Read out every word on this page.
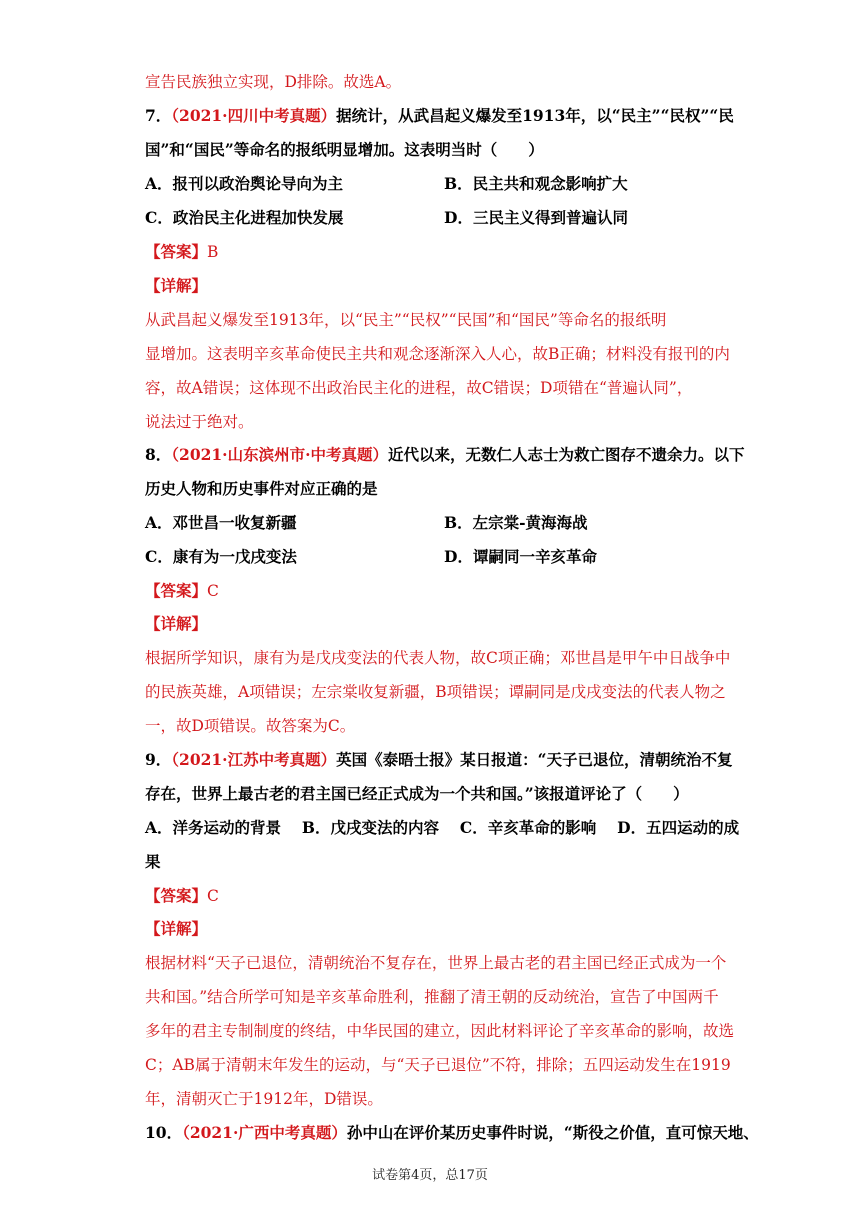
宣告民族独立实现，D排除。故选A。
7．（2021·四川中考真题）据统计，从武昌起义爆发至1913年，以“民主”“民权”“民
国”和“国民”等命名的报纸明显增加。这表明当时（　　）
A．报刊以政治舆论导向为主	B．民主共和观念影响扩大
C．政治民主化进程加快发展	D．三民主义得到普遍认同
【答案】B
【详解】
从武昌起义爆发至1913年，以“民主”“民权”“民国”和“国民”等命名的报纸明
显增加。这表明辛亥革命使民主共和观念逐渐深入人心，故B正确；材料没有报刊的内
容，故A错误；这体现不出政治民主化的进程，故C错误；D项错在“普遍认同”，
说法过于绝对。
8．（2021·山东滨州市·中考真题）近代以来，无数仁人志士为救亡图存不遗余力。以下
历史人物和历史事件对应正确的是
A．邓世昌一收复新疆	B．左宗棠-黄海海战
C．康有为一戊戌变法	D．谭嗣同一辛亥革命
【答案】C
【详解】
根据所学知识，康有为是戊戌变法的代表人物，故C项正确；邓世昌是甲午中日战争中
的民族英雄，A项错误；左宗棠收复新疆，B项错误；谭嗣同是戊戌变法的代表人物之
一，故D项错误。故答案为C。
9．（2021·江苏中考真题）英国《泰晤士报》某日报道：“天子已退位，清朝统治不复
存在，世界上最古老的君主国已经正式成为一个共和国。”该报道评论了（　　）
A．洋务运动的背景　 B．戊戌变法的内容　 C．辛亥革命的影响　 D．五四运动的成
果
【答案】C
【详解】
根据材料“天子已退位，清朝统治不复存在，世界上最古老的君主国已经正式成为一个
共和国。”结合所学可知是辛亥革命胜利，推翻了清王朝的反动统治，宣告了中国两千
多年的君主专制制度的终结，中华民国的建立，因此材料评论了辛亥革命的影响，故选
C；AB属于清朝末年发生的运动，与“天子已退位”不符，排除；五四运动发生在1919
年，清朝灭亡于1912年，D错误。
10．（2021·广西中考真题）孙中山在评价某历史事件时说，“斯役之价值，直可惊天地、
试卷第4页，总17页
